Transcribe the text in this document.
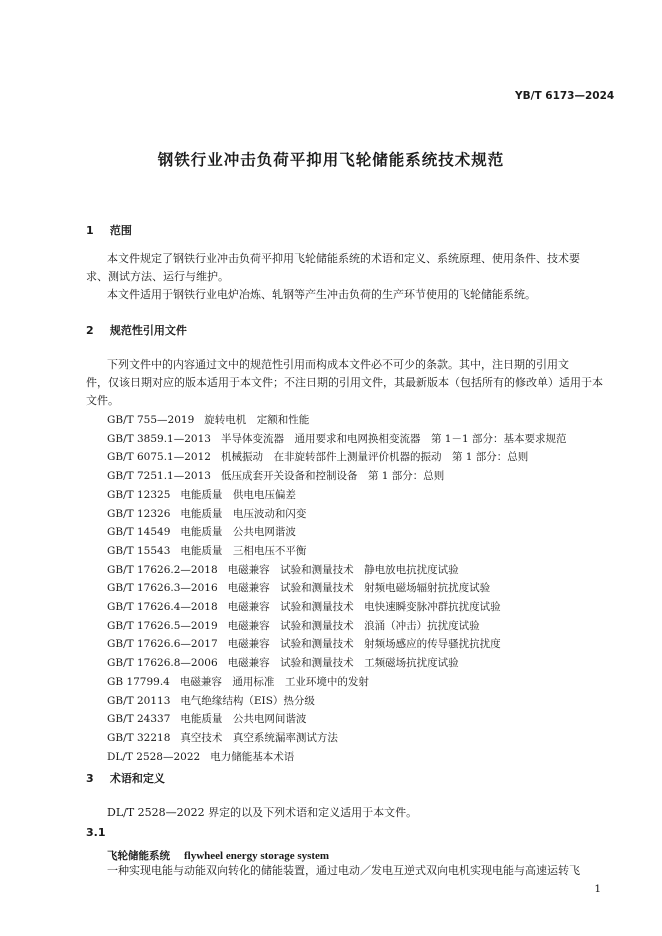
YB/T 6173—2024
钢铁行业冲击负荷平抑用飞轮储能系统技术规范
1 范围
本文件规定了钢铁行业冲击负荷平抑用飞轮储能系统的术语和定义、系统原理、使用条件、技术要
求、测试方法、运行与维护。
本文件适用于钢铁行业电炉冶炼、轧钢等产生冲击负荷的生产环节使用的飞轮储能系统。
2 规范性引用文件
下列文件中的内容通过文中的规范性引用而构成本文件必不可少的条款。其中，注日期的引用文
件，仅该日期对应的版本适用于本文件；不注日期的引用文件，其最新版本（包括所有的修改单）适用于本
文件。
GB/T 755—2019 旋转电机　定额和性能
GB/T 3859.1—2013 半导体变流器　通用要求和电网换相变流器　第 1－1 部分：基本要求规范
GB/T 6075.1—2012 机械振动　在非旋转部件上测量评价机器的振动　第 1 部分：总则
GB/T 7251.1—2013 低压成套开关设备和控制设备　第 1 部分：总则
GB/T 12325 电能质量　供电电压偏差
GB/T 12326 电能质量　电压波动和闪变
GB/T 14549 电能质量　公共电网谐波
GB/T 15543 电能质量　三相电压不平衡
GB/T 17626.2—2018 电磁兼容　试验和测量技术　静电放电抗扰度试验
GB/T 17626.3—2016 电磁兼容　试验和测量技术　射频电磁场辐射抗扰度试验
GB/T 17626.4—2018 电磁兼容　试验和测量技术　电快速瞬变脉冲群抗扰度试验
GB/T 17626.5—2019 电磁兼容　试验和测量技术　浪涌（冲击）抗扰度试验
GB/T 17626.6—2017 电磁兼容　试验和测量技术　射频场感应的传导骚扰抗扰度
GB/T 17626.8—2006 电磁兼容　试验和测量技术　工频磁场抗扰度试验
GB 17799.4 电磁兼容　通用标准　工业环境中的发射
GB/T 20113 电气绝缘结构（EIS）热分级
GB/T 24337 电能质量　公共电网间谐波
GB/T 32218 真空技术　真空系统漏率测试方法
DL/T 2528—2022 电力储能基本术语
3 术语和定义
DL/T 2528—2022 界定的以及下列术语和定义适用于本文件。
3.1
飞轮储能系统 flywheel energy storage system
一种实现电能与动能双向转化的储能装置，通过电动／发电互逆式双向电机实现电能与高速运转飞
1
